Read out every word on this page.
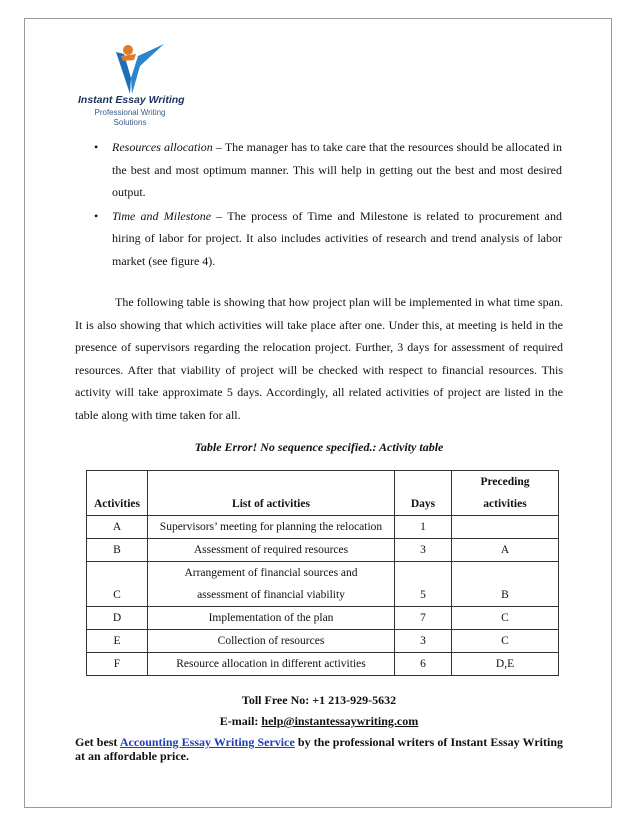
Instant Essay Writing
Professional Writing
Solutions
• Resources allocation – The manager has to take care that the resources should be allocated in the best and most optimum manner. This will help in getting out the best and most desired output.
• Time and Milestone – The process of Time and Milestone is related to procurement and hiring of labor for project. It also includes activities of research and trend analysis of labor market (see figure 4).
The following table is showing that how project plan will be implemented in what time span. It is also showing that which activities will take place after one. Under this, at meeting is held in the presence of supervisors regarding the relocation project. Further, 3 days for assessment of required resources. After that viability of project will be checked with respect to financial resources. This activity will take approximate 5 days. Accordingly, all related activities of project are listed in the table along with time taken for all.
Table Error! No sequence specified.: Activity table
Activities	List of activities	Days	Preceding
activities
A	Supervisors’ meeting for planning the relocation	1	
B	Assessment of required resources	3	A
C	Arrangement of financial sources and
assessment of financial viability	5	B
D	Implementation of the plan	7	C
E	Collection of resources	3	C
F	Resource allocation in different activities	6	D,E
Toll Free No: +1 213-929-5632
E-mail: help@instantessaywriting.com
Get best Accounting Essay Writing Service by the professional writers of Instant Essay Writing at an affordable price.
